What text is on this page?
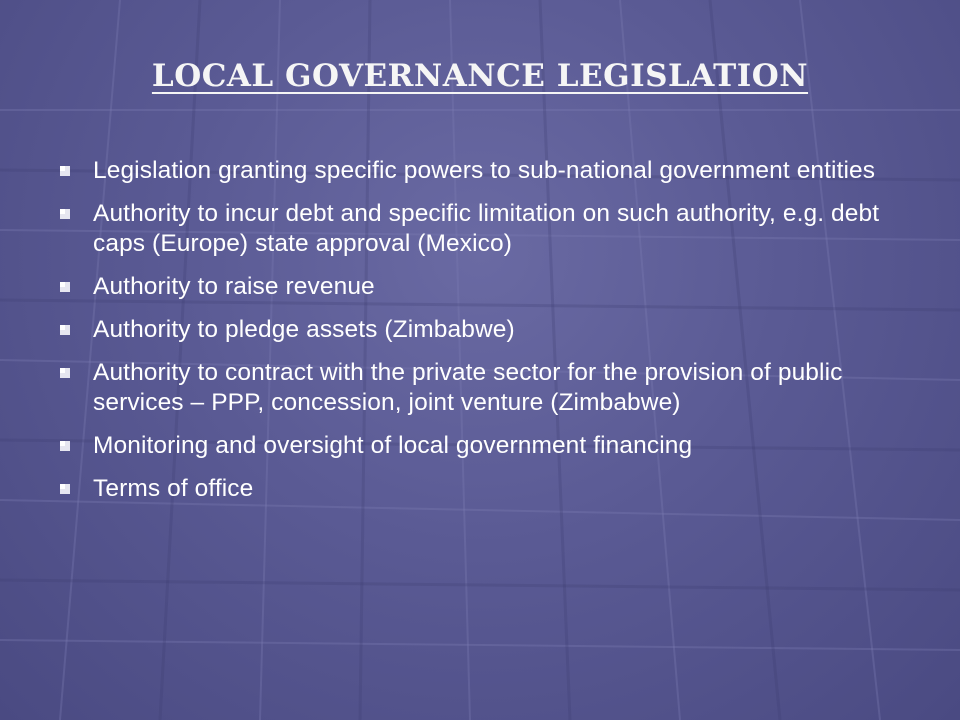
LOCAL GOVERNANCE LEGISLATION
Legislation granting specific powers to sub-national government entities
Authority to incur debt and specific limitation on such authority, e.g. debt caps (Europe) state approval (Mexico)
Authority to raise revenue
Authority to pledge assets (Zimbabwe)
Authority to contract with the private sector for the provision of public services – PPP, concession, joint venture (Zimbabwe)
Monitoring and oversight of local government financing
Terms of office
